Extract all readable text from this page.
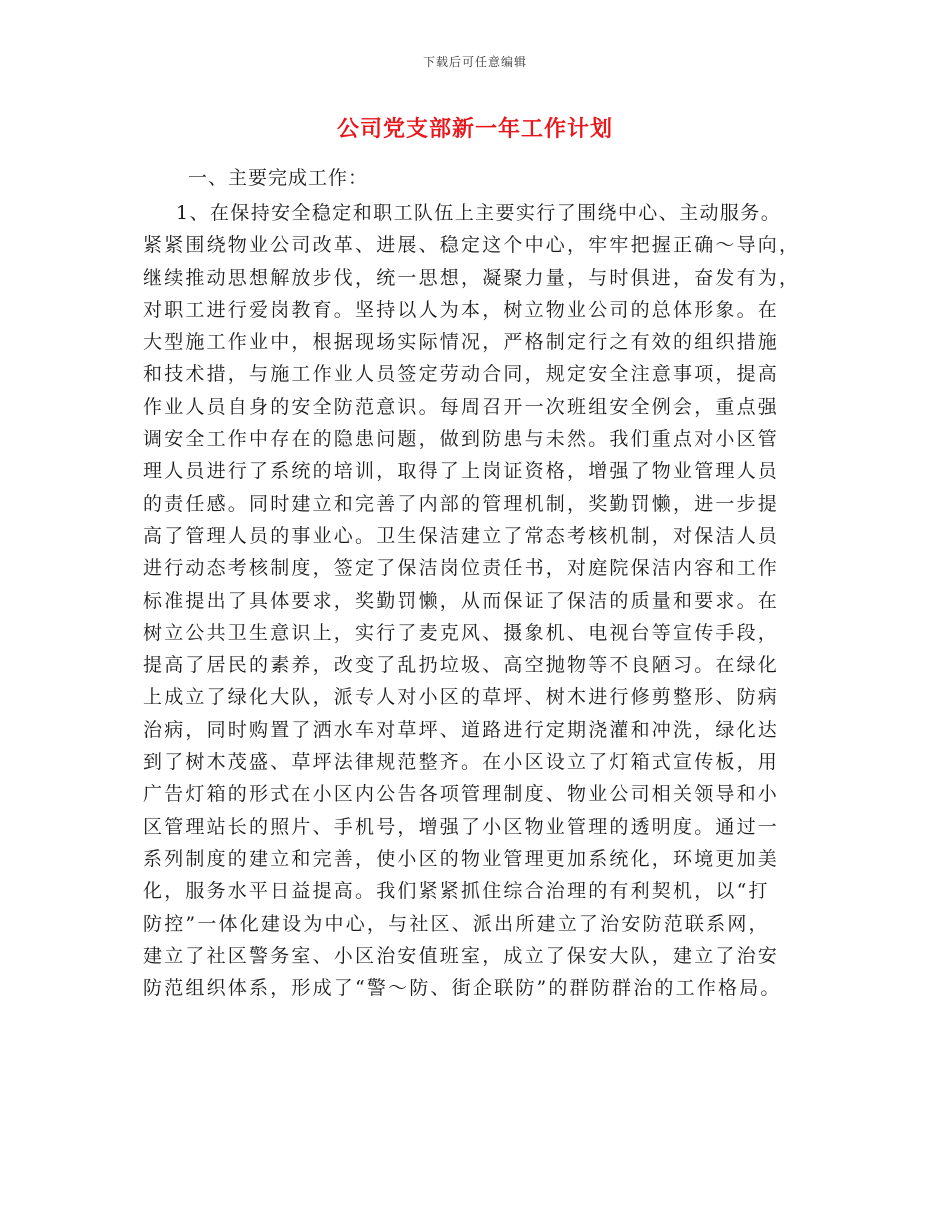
下载后可任意编辑
公司党支部新一年工作计划
一、主要完成工作：
1、在保持安全稳定和职工队伍上主要实行了围绕中心、主动服务。
紧紧围绕物业公司改革、进展、稳定这个中心，牢牢把握正确～导向，
继续推动思想解放步伐，统一思想，凝聚力量，与时俱进，奋发有为，
对职工进行爱岗教育。坚持以人为本，树立物业公司的总体形象。在
大型施工作业中，根据现场实际情况，严格制定行之有效的组织措施
和技术措，与施工作业人员签定劳动合同，规定安全注意事项，提高
作业人员自身的安全防范意识。每周召开一次班组安全例会，重点强
调安全工作中存在的隐患问题，做到防患与未然。我们重点对小区管
理人员进行了系统的培训，取得了上岗证资格，增强了物业管理人员
的责任感。同时建立和完善了内部的管理机制，奖勤罚懒，进一步提
高了管理人员的事业心。卫生保洁建立了常态考核机制，对保洁人员
进行动态考核制度，签定了保洁岗位责任书，对庭院保洁内容和工作
标准提出了具体要求，奖勤罚懒，从而保证了保洁的质量和要求。在
树立公共卫生意识上，实行了麦克风、摄象机、电视台等宣传手段，
提高了居民的素养，改变了乱扔垃圾、高空抛物等不良陋习。在绿化
上成立了绿化大队，派专人对小区的草坪、树木进行修剪整形、防病
治病，同时购置了洒水车对草坪、道路进行定期浇灌和冲洗，绿化达
到了树木茂盛、草坪法律规范整齐。在小区设立了灯箱式宣传板，用
广告灯箱的形式在小区内公告各项管理制度、物业公司相关领导和小
区管理站长的照片、手机号，增强了小区物业管理的透明度。通过一
系列制度的建立和完善，使小区的物业管理更加系统化，环境更加美
化，服务水平日益提高。我们紧紧抓住综合治理的有利契机，以“打
防控”一体化建设为中心，与社区、派出所建立了治安防范联系网，
建立了社区警务室、小区治安值班室，成立了保安大队，建立了治安
防范组织体系，形成了“警～防、街企联防”的群防群治的工作格局。
